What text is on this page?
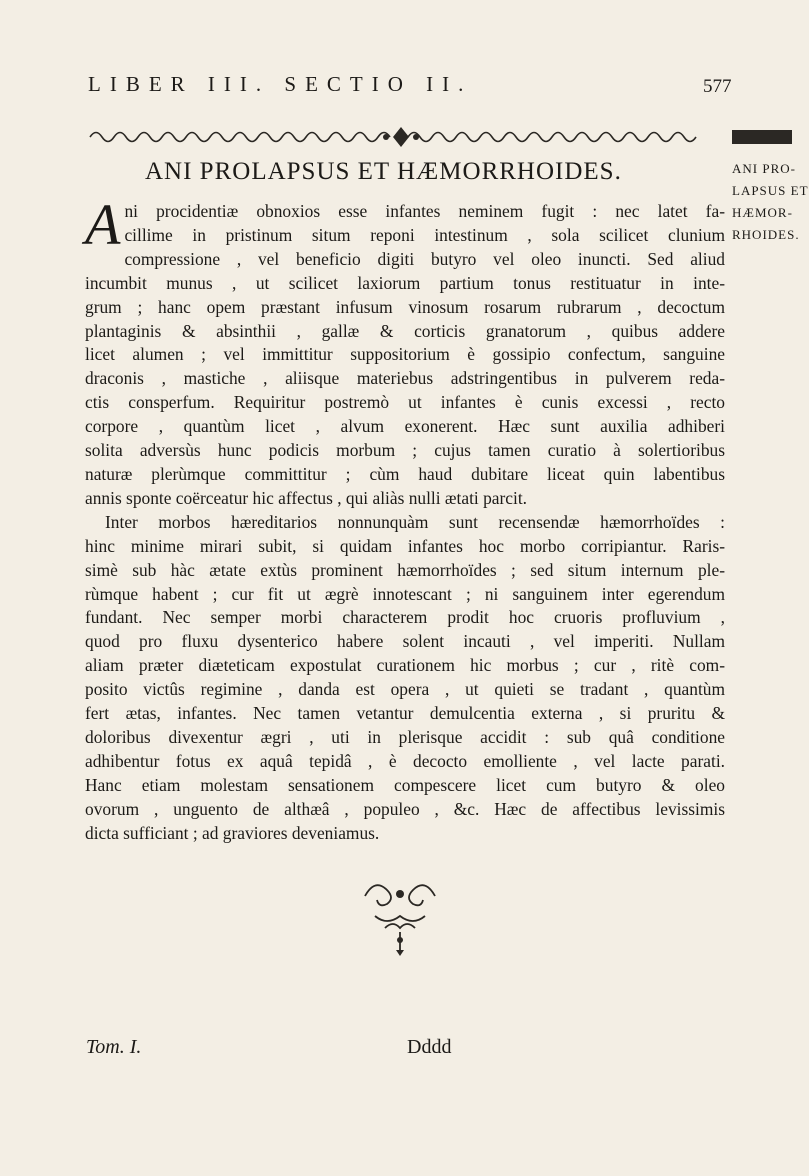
LIBER III. SECTIO II.	577
ANI PROLAPSUS ET HÆMORRHOIDES.	ANI PRO-
LAPSUS ET
HÆMOR-
RHOIDES.
A ni procidentiæ obnoxios esse infantes neminem fugit : nec latet fa-

cillime in pristinum situm reponi intestinum , sola scilicet clunium

compressione , vel beneficio digiti butyro vel oleo inuncti. Sed aliud

incumbit munus , ut scilicet laxiorum partium tonus restituatur in inte-

grum ; hanc opem præstant infusum vinosum rosarum rubrarum , decoctum

plantaginis & absinthii , gallæ & corticis granatorum , quibus addere

licet alumen ; vel immittitur suppositorium è gossipio confectum, sanguine

draconis , mastiche , aliisque materiebus adstringentibus in pulverem reda-

ctis consperfum. Requiritur postremò ut infantes è cunis excessi , recto

corpore , quantùm licet , alvum exonerent. Hæc sunt auxilia adhiberi

solita adversùs hunc podicis morbum ; cujus tamen curatio à solertioribus

naturæ plerùmque committitur ; cùm haud dubitare liceat quin labentibus

annis sponte coërceatur hic affectus , qui aliàs nulli ætati parcit.

Inter morbos hæreditarios nonnunquàm sunt recensendæ hæmorrhoïdes :

hinc minime mirari subit, si quidam infantes hoc morbo corripiantur. Raris-

simè sub hàc ætate extùs prominent hæmorrhoïdes ; sed situm internum ple-

rùmque habent ; cur fit ut ægrè innotescant ; ni sanguinem inter egerendum

fundant. Nec semper morbi characterem prodit hoc cruoris profluvium ,

quod pro fluxu dysenterico habere solent incauti , vel imperiti. Nullam

aliam præter diæteticam expostulat curationem hic morbus ; cur , ritè com-

posito victûs regimine , danda est opera , ut quieti se tradant , quantùm

fert ætas, infantes. Nec tamen vetantur demulcentia externa , si pruritu &

doloribus divexentur ægri , uti in plerisque accidit : sub quâ conditione

adhibentur fotus ex aquâ tepidâ , è decocto emolliente , vel lacte parati.

Hanc etiam molestam sensationem compescere licet cum butyro & oleo

ovorum , unguento de althæâ , populeo , &c. Hæc de affectibus levissimis

dicta sufficiant ; ad graviores deveniamus.

Tom. I.	Dddd
